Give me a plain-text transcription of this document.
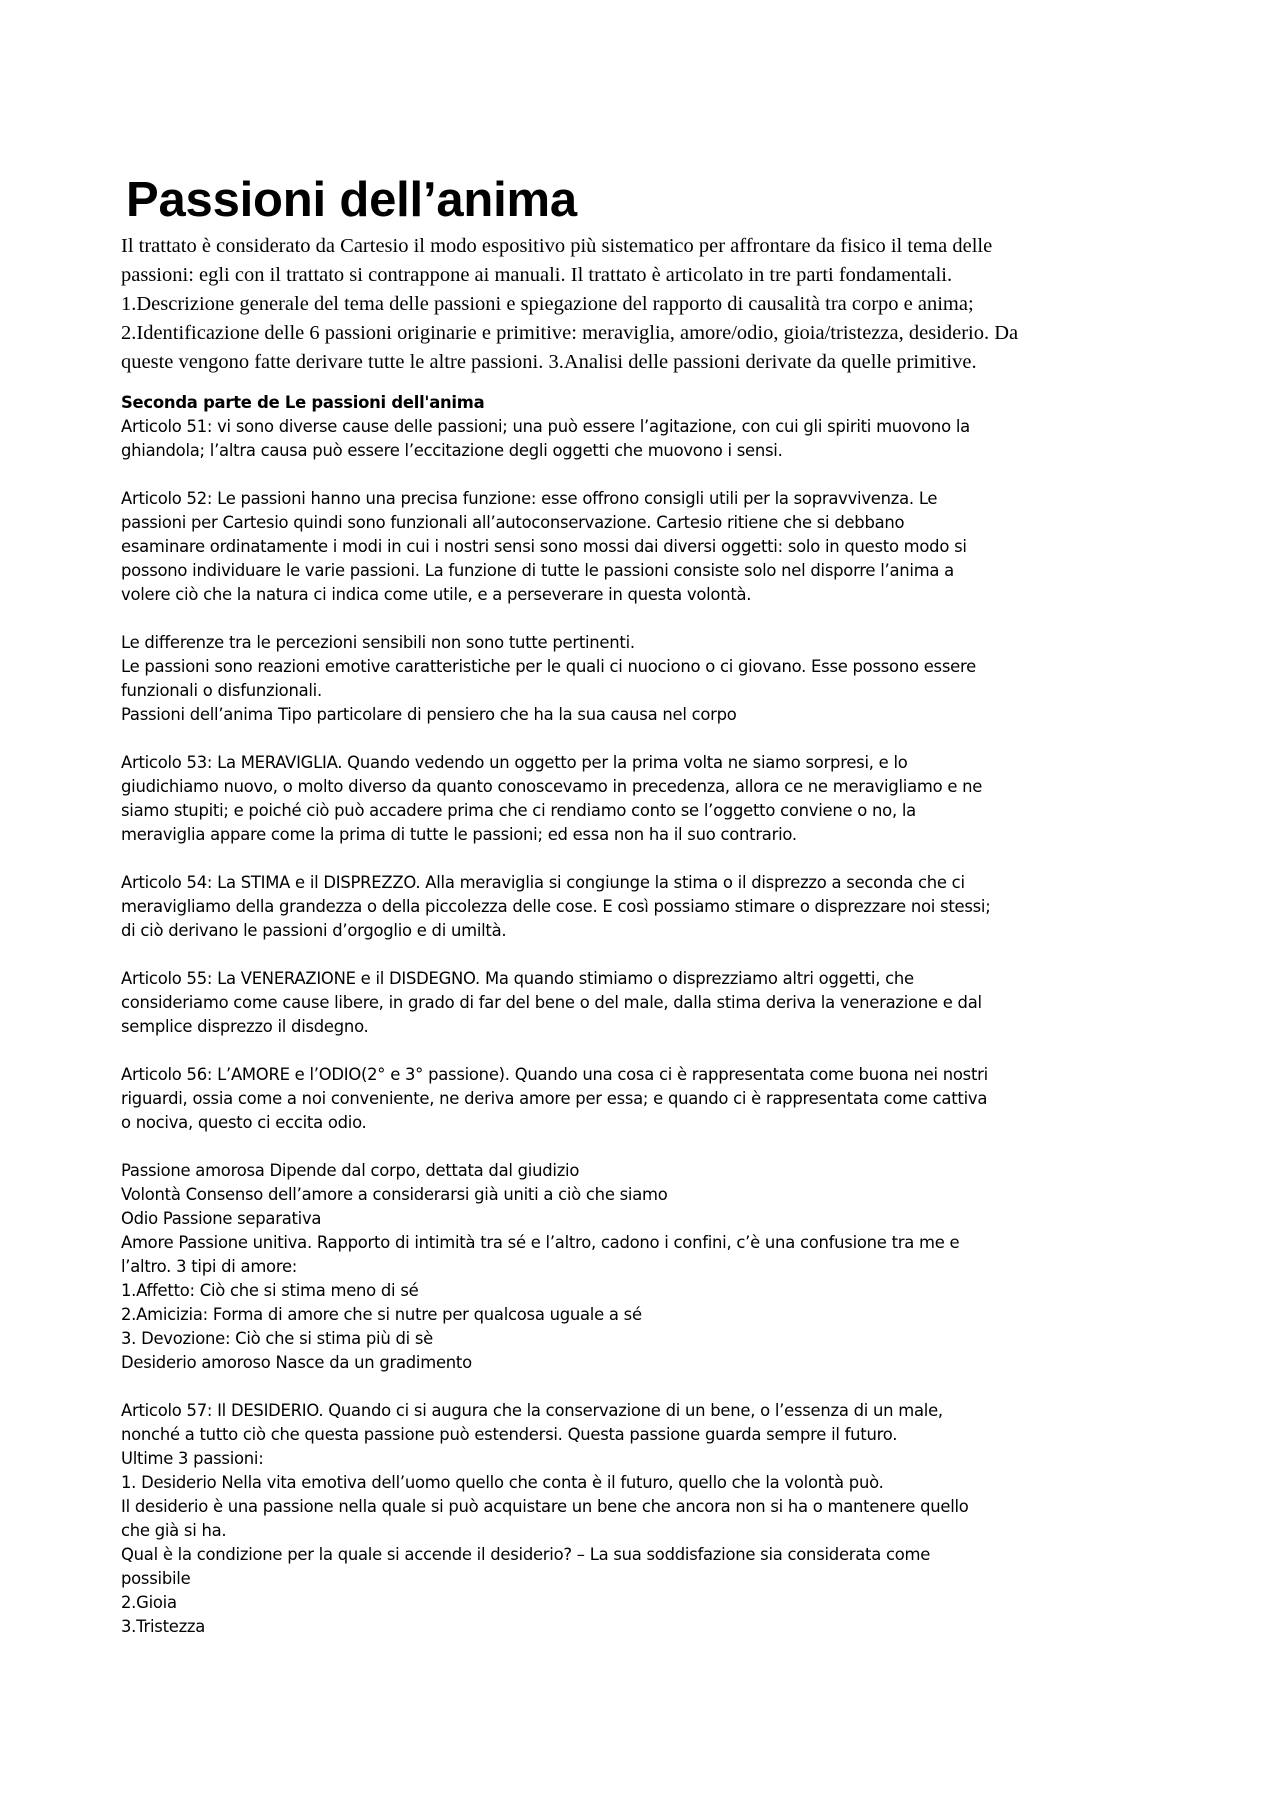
Passioni dell’anima

Il trattato è considerato da Cartesio il modo espositivo più sistematico per affrontare da fisico il tema delle

passioni: egli con il trattato si contrappone ai manuali. Il trattato è articolato in tre parti fondamentali.

1.Descrizione generale del tema delle passioni e spiegazione del rapporto di causalità tra corpo e anima;

2.Identificazione delle 6 passioni originarie e primitive: meraviglia, amore/odio, gioia/tristezza, desiderio. Da

queste vengono fatte derivare tutte le altre passioni. 3.Analisi delle passioni derivate da quelle primitive.

Seconda parte de Le passioni dell'anima
Articolo 51: vi sono diverse cause delle passioni; una può essere l’agitazione, con cui gli spiriti muovono la
ghiandola; l’altra causa può essere l’eccitazione degli oggetti che muovono i sensi.
Articolo 52: Le passioni hanno una precisa funzione: esse offrono consigli utili per la sopravvivenza. Le
passioni per Cartesio quindi sono funzionali all’autoconservazione. Cartesio ritiene che si debbano
esaminare ordinatamente i modi in cui i nostri sensi sono mossi dai diversi oggetti: solo in questo modo si
possono individuare le varie passioni. La funzione di tutte le passioni consiste solo nel disporre l’anima a
volere ciò che la natura ci indica come utile, e a perseverare in questa volontà.
Le differenze tra le percezioni sensibili non sono tutte pertinenti.
Le passioni sono reazioni emotive caratteristiche per le quali ci nuociono o ci giovano. Esse possono essere
funzionali o disfunzionali.
Passioni dell’anima Tipo particolare di pensiero che ha la sua causa nel corpo
Articolo 53: La MERAVIGLIA. Quando vedendo un oggetto per la prima volta ne siamo sorpresi, e lo
giudichiamo nuovo, o molto diverso da quanto conoscevamo in precedenza, allora ce ne meravigliamo e ne
siamo stupiti; e poiché ciò può accadere prima che ci rendiamo conto se l’oggetto conviene o no, la
meraviglia appare come la prima di tutte le passioni; ed essa non ha il suo contrario.
Articolo 54: La STIMA e il DISPREZZO. Alla meraviglia si congiunge la stima o il disprezzo a seconda che ci
meravigliamo della grandezza o della piccolezza delle cose. E così possiamo stimare o disprezzare noi stessi;
di ciò derivano le passioni d’orgoglio e di umiltà.
Articolo 55: La VENERAZIONE e il DISDEGNO. Ma quando stimiamo o disprezziamo altri oggetti, che
consideriamo come cause libere, in grado di far del bene o del male, dalla stima deriva la venerazione e dal
semplice disprezzo il disdegno.
Articolo 56: L’AMORE e l’ODIO(2° e 3° passione). Quando una cosa ci è rappresentata come buona nei nostri
riguardi, ossia come a noi conveniente, ne deriva amore per essa; e quando ci è rappresentata come cattiva
o nociva, questo ci eccita odio.
Passione amorosa Dipende dal corpo, dettata dal giudizio
Volontà Consenso dell’amore a considerarsi già uniti a ciò che siamo
Odio Passione separativa
Amore Passione unitiva. Rapporto di intimità tra sé e l’altro, cadono i confini, c’è una confusione tra me e
l’altro. 3 tipi di amore:
1.Affetto: Ciò che si stima meno di sé
2.Amicizia: Forma di amore che si nutre per qualcosa uguale a sé
3. Devozione: Ciò che si stima più di sè
Desiderio amoroso Nasce da un gradimento
Articolo 57: Il DESIDERIO. Quando ci si augura che la conservazione di un bene, o l’essenza di un male,
nonché a tutto ciò che questa passione può estendersi. Questa passione guarda sempre il futuro.
Ultime 3 passioni:
1. Desiderio Nella vita emotiva dell’uomo quello che conta è il futuro, quello che la volontà può.
Il desiderio è una passione nella quale si può acquistare un bene che ancora non si ha o mantenere quello
che già si ha.
Qual è la condizione per la quale si accende il desiderio? – La sua soddisfazione sia considerata come
possibile
2.Gioia
3.Tristezza
